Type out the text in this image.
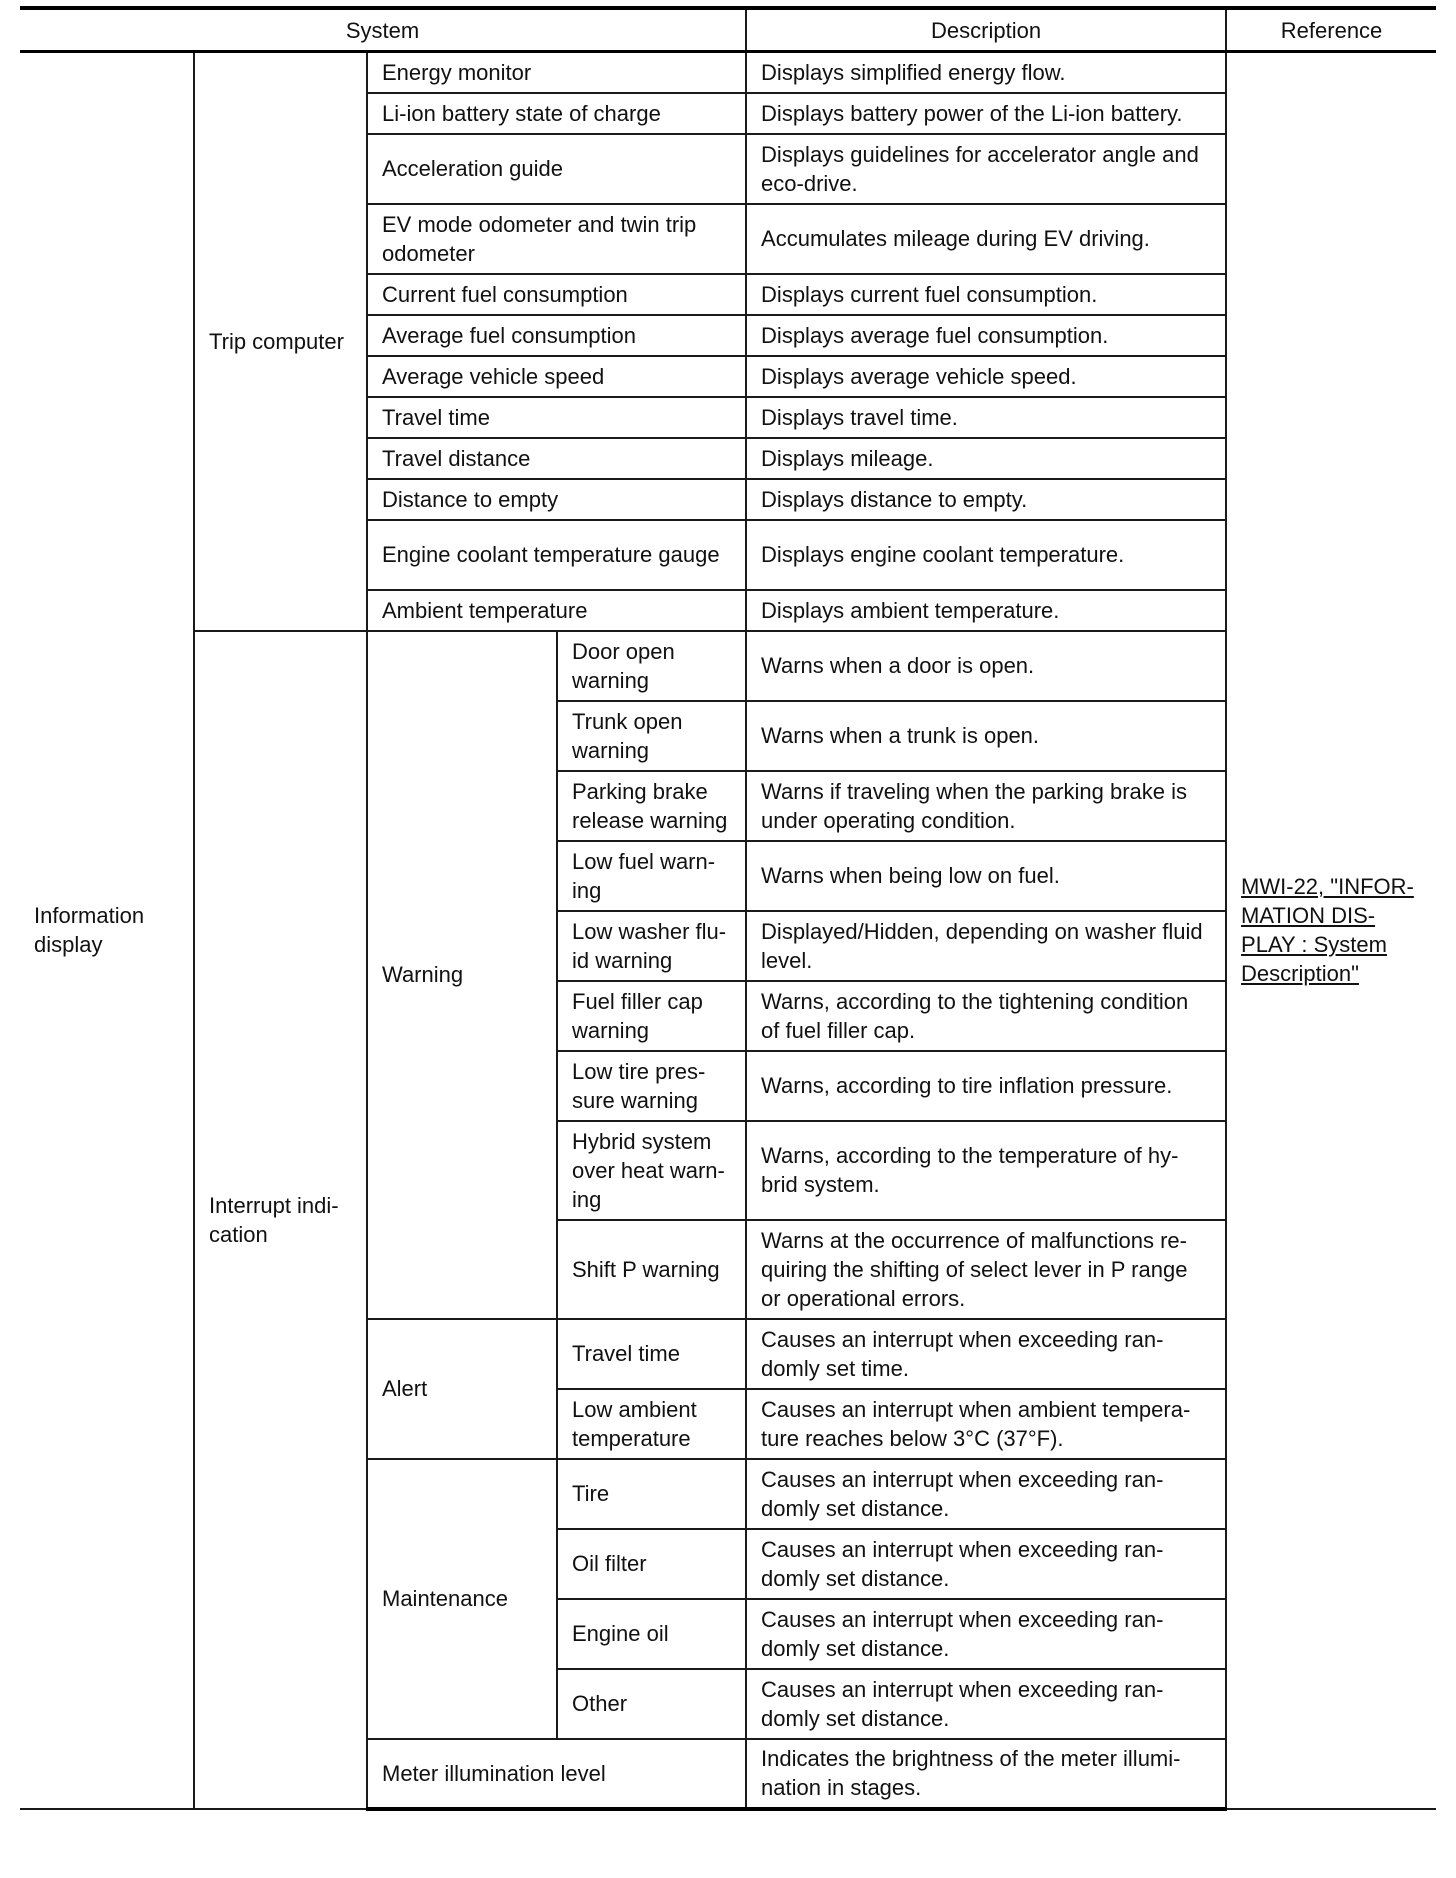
System				Description	Reference
Information display	Trip computer	Energy monitor		Displays simplified energy flow.	MWI-22, "INFOR-MATION DIS-PLAY : System Description"
		Li-ion battery state of charge		Displays battery power of the Li-ion battery.	
		Acceleration guide		Displays guidelines for accelerator angle and eco-drive.	
		EV mode odometer and twin trip odometer		Accumulates mileage during EV driving.	
		Current fuel consumption		Displays current fuel consumption.	
		Average fuel consumption		Displays average fuel consumption.	
		Average vehicle speed		Displays average vehicle speed.	
		Travel time		Displays travel time.	
		Travel distance		Displays mileage.	
		Distance to empty		Displays distance to empty.	
		Engine coolant temperature gauge		Displays engine coolant temperature.	
		Ambient temperature		Displays ambient temperature.	
	Interrupt indi-cation	Warning	Door open warning	Warns when a door is open.	
			Trunk open warning	Warns when a trunk is open.	
			Parking brake release warning	Warns if traveling when the parking brake is under operating condition.	
			Low fuel warn-ing	Warns when being low on fuel.	
			Low washer flu-id warning	Displayed/Hidden, depending on washer fluid level.	
			Fuel filler cap warning	Warns, according to the tightening condition of fuel filler cap.	
			Low tire pres-sure warning	Warns, according to tire inflation pressure.	
			Hybrid system over heat warn-ing	Warns, according to the temperature of hy-brid system.	
			Shift P warning	Warns at the occurrence of malfunctions re-quiring the shifting of select lever in P range or operational errors.	
		Alert	Travel time	Causes an interrupt when exceeding ran-domly set time.	
			Low ambient temperature	Causes an interrupt when ambient tempera-ture reaches below 3°C (37°F).	
		Maintenance	Tire	Causes an interrupt when exceeding ran-domly set distance.	
			Oil filter	Causes an interrupt when exceeding ran-domly set distance.	
			Engine oil	Causes an interrupt when exceeding ran-domly set distance.	
			Other	Causes an interrupt when exceeding ran-domly set distance.	
		Meter illumination level		Indicates the brightness of the meter illumi-nation in stages.	
